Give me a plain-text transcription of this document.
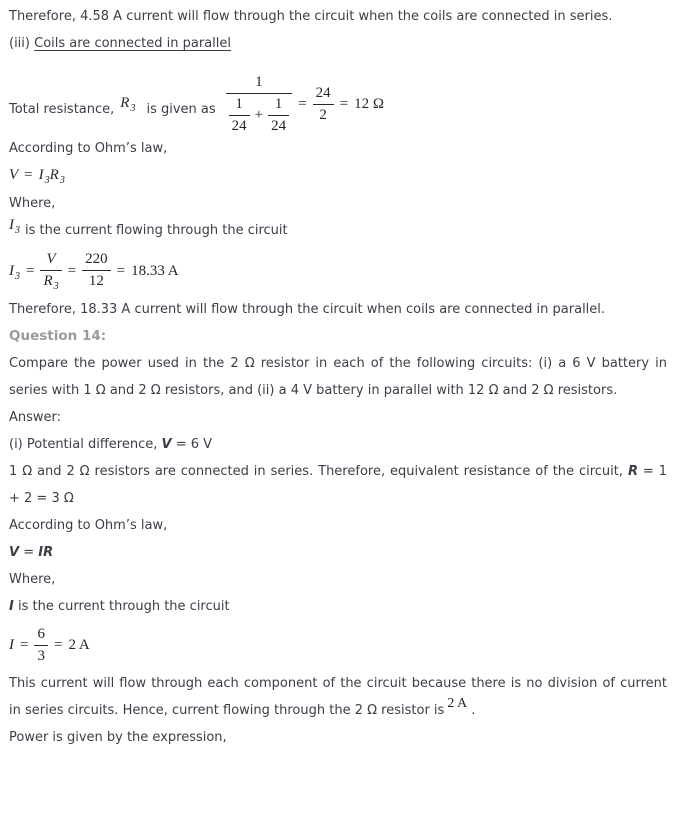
Therefore, 4.58 A current will flow through the circuit when the coils are connected in series.

(iii) Coils are connected in parallel

Total resistance, $R_3$ is given as
1
1
24
+
1
24
=
24
2
= 12 Ω

According to Ohm’s law,

$V = I_3R_3$

Where,

$I_3$ is the current flowing through the circuit

$I_3$ =
V
$R_3$
=
220
12
= 18.33 A

Therefore, 18.33 A current will flow through the circuit when coils are connected in parallel.

Question 14:

Compare the power used in the 2 Ω resistor in each of the following circuits: (i) a 6 V battery in series with 1 Ω and 2 Ω resistors, and (ii) a 4 V battery in parallel with 12 Ω and 2 Ω resistors.

Answer:

(i) Potential difference, V = 6 V

1 Ω and 2 Ω resistors are connected in series. Therefore, equivalent resistance of the circuit, R = 1 + 2 = 3 Ω

According to Ohm’s law,

V = IR

Where,

I is the current through the circuit

I =
6
3
= 2 A

This current will flow through each component of the circuit because there is no division of current in series circuits. Hence, current flowing through the 2 Ω resistor is 2 A .

Power is given by the expression,
